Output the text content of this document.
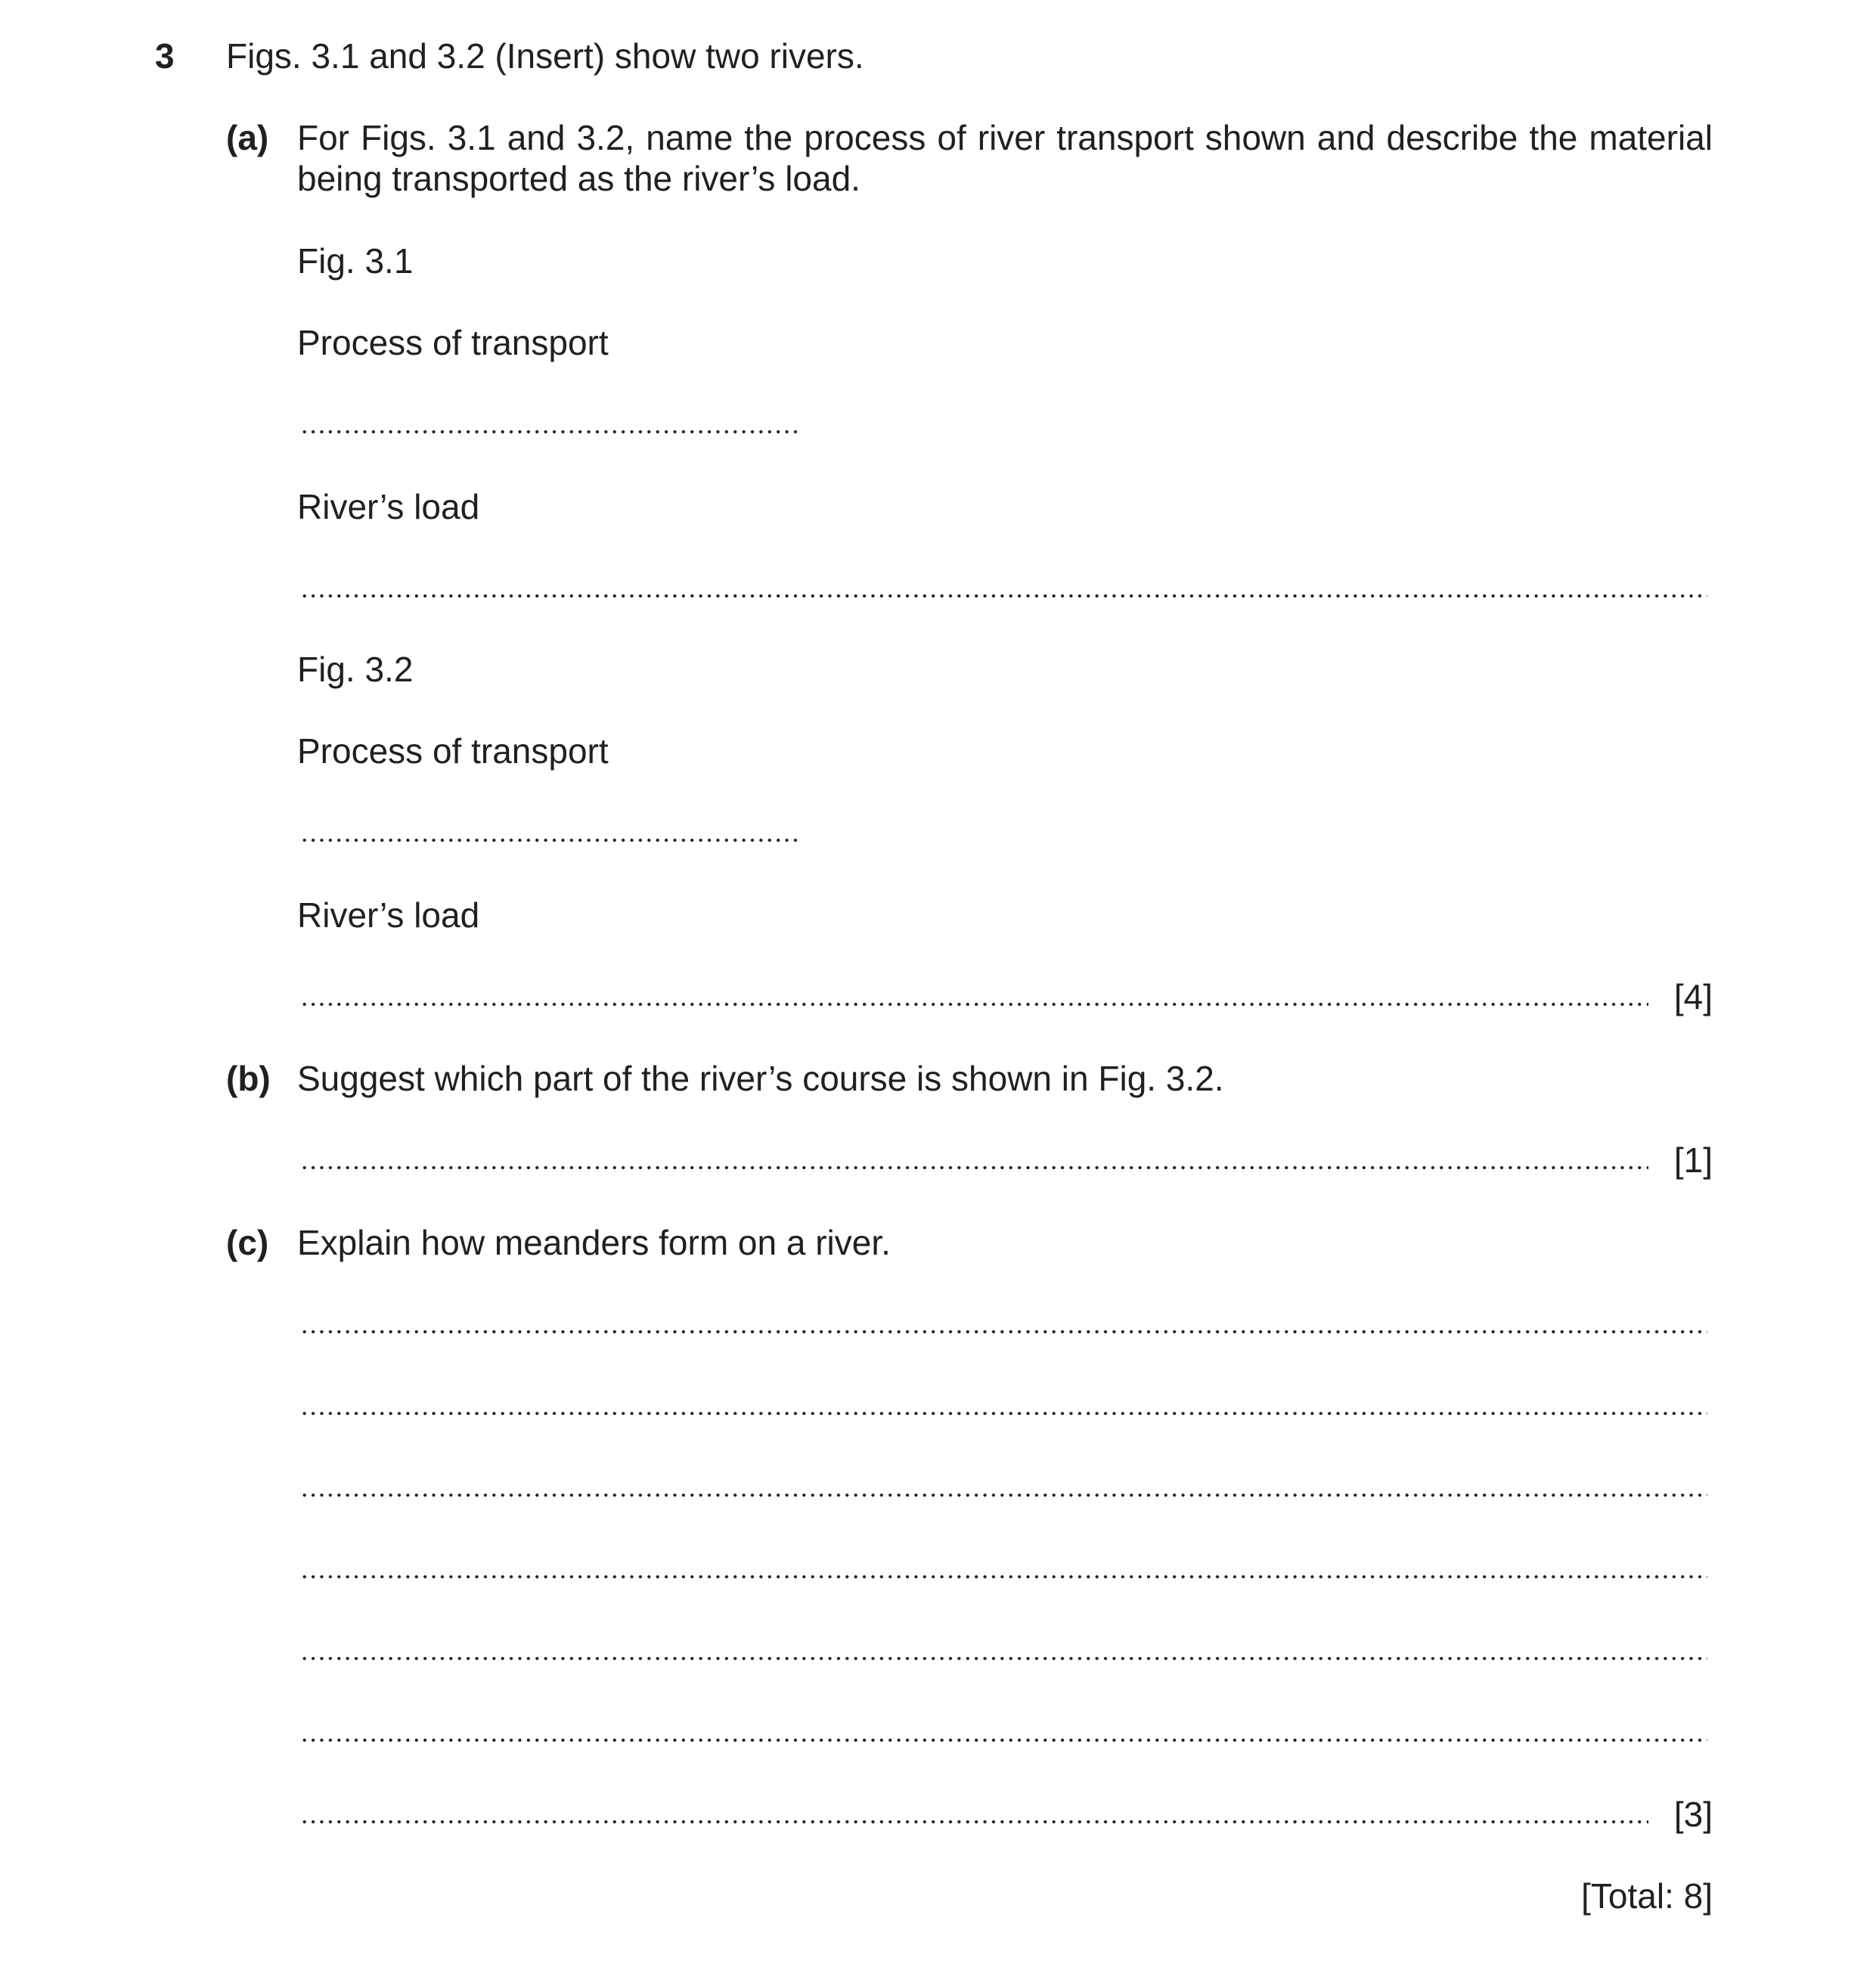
3 Figs. 3.1 and 3.2 (Insert) show two rivers.
(a) For Figs. 3.1 and 3.2, name the process of river transport shown and describe the material being transported as the river’s load.
Fig. 3.1
Process of transport
River’s load
Fig. 3.2
Process of transport
River’s load
[4]
(b) Suggest which part of the river’s course is shown in Fig. 3.2.
[1]
(c) Explain how meanders form on a river.
[3]
[Total: 8]
